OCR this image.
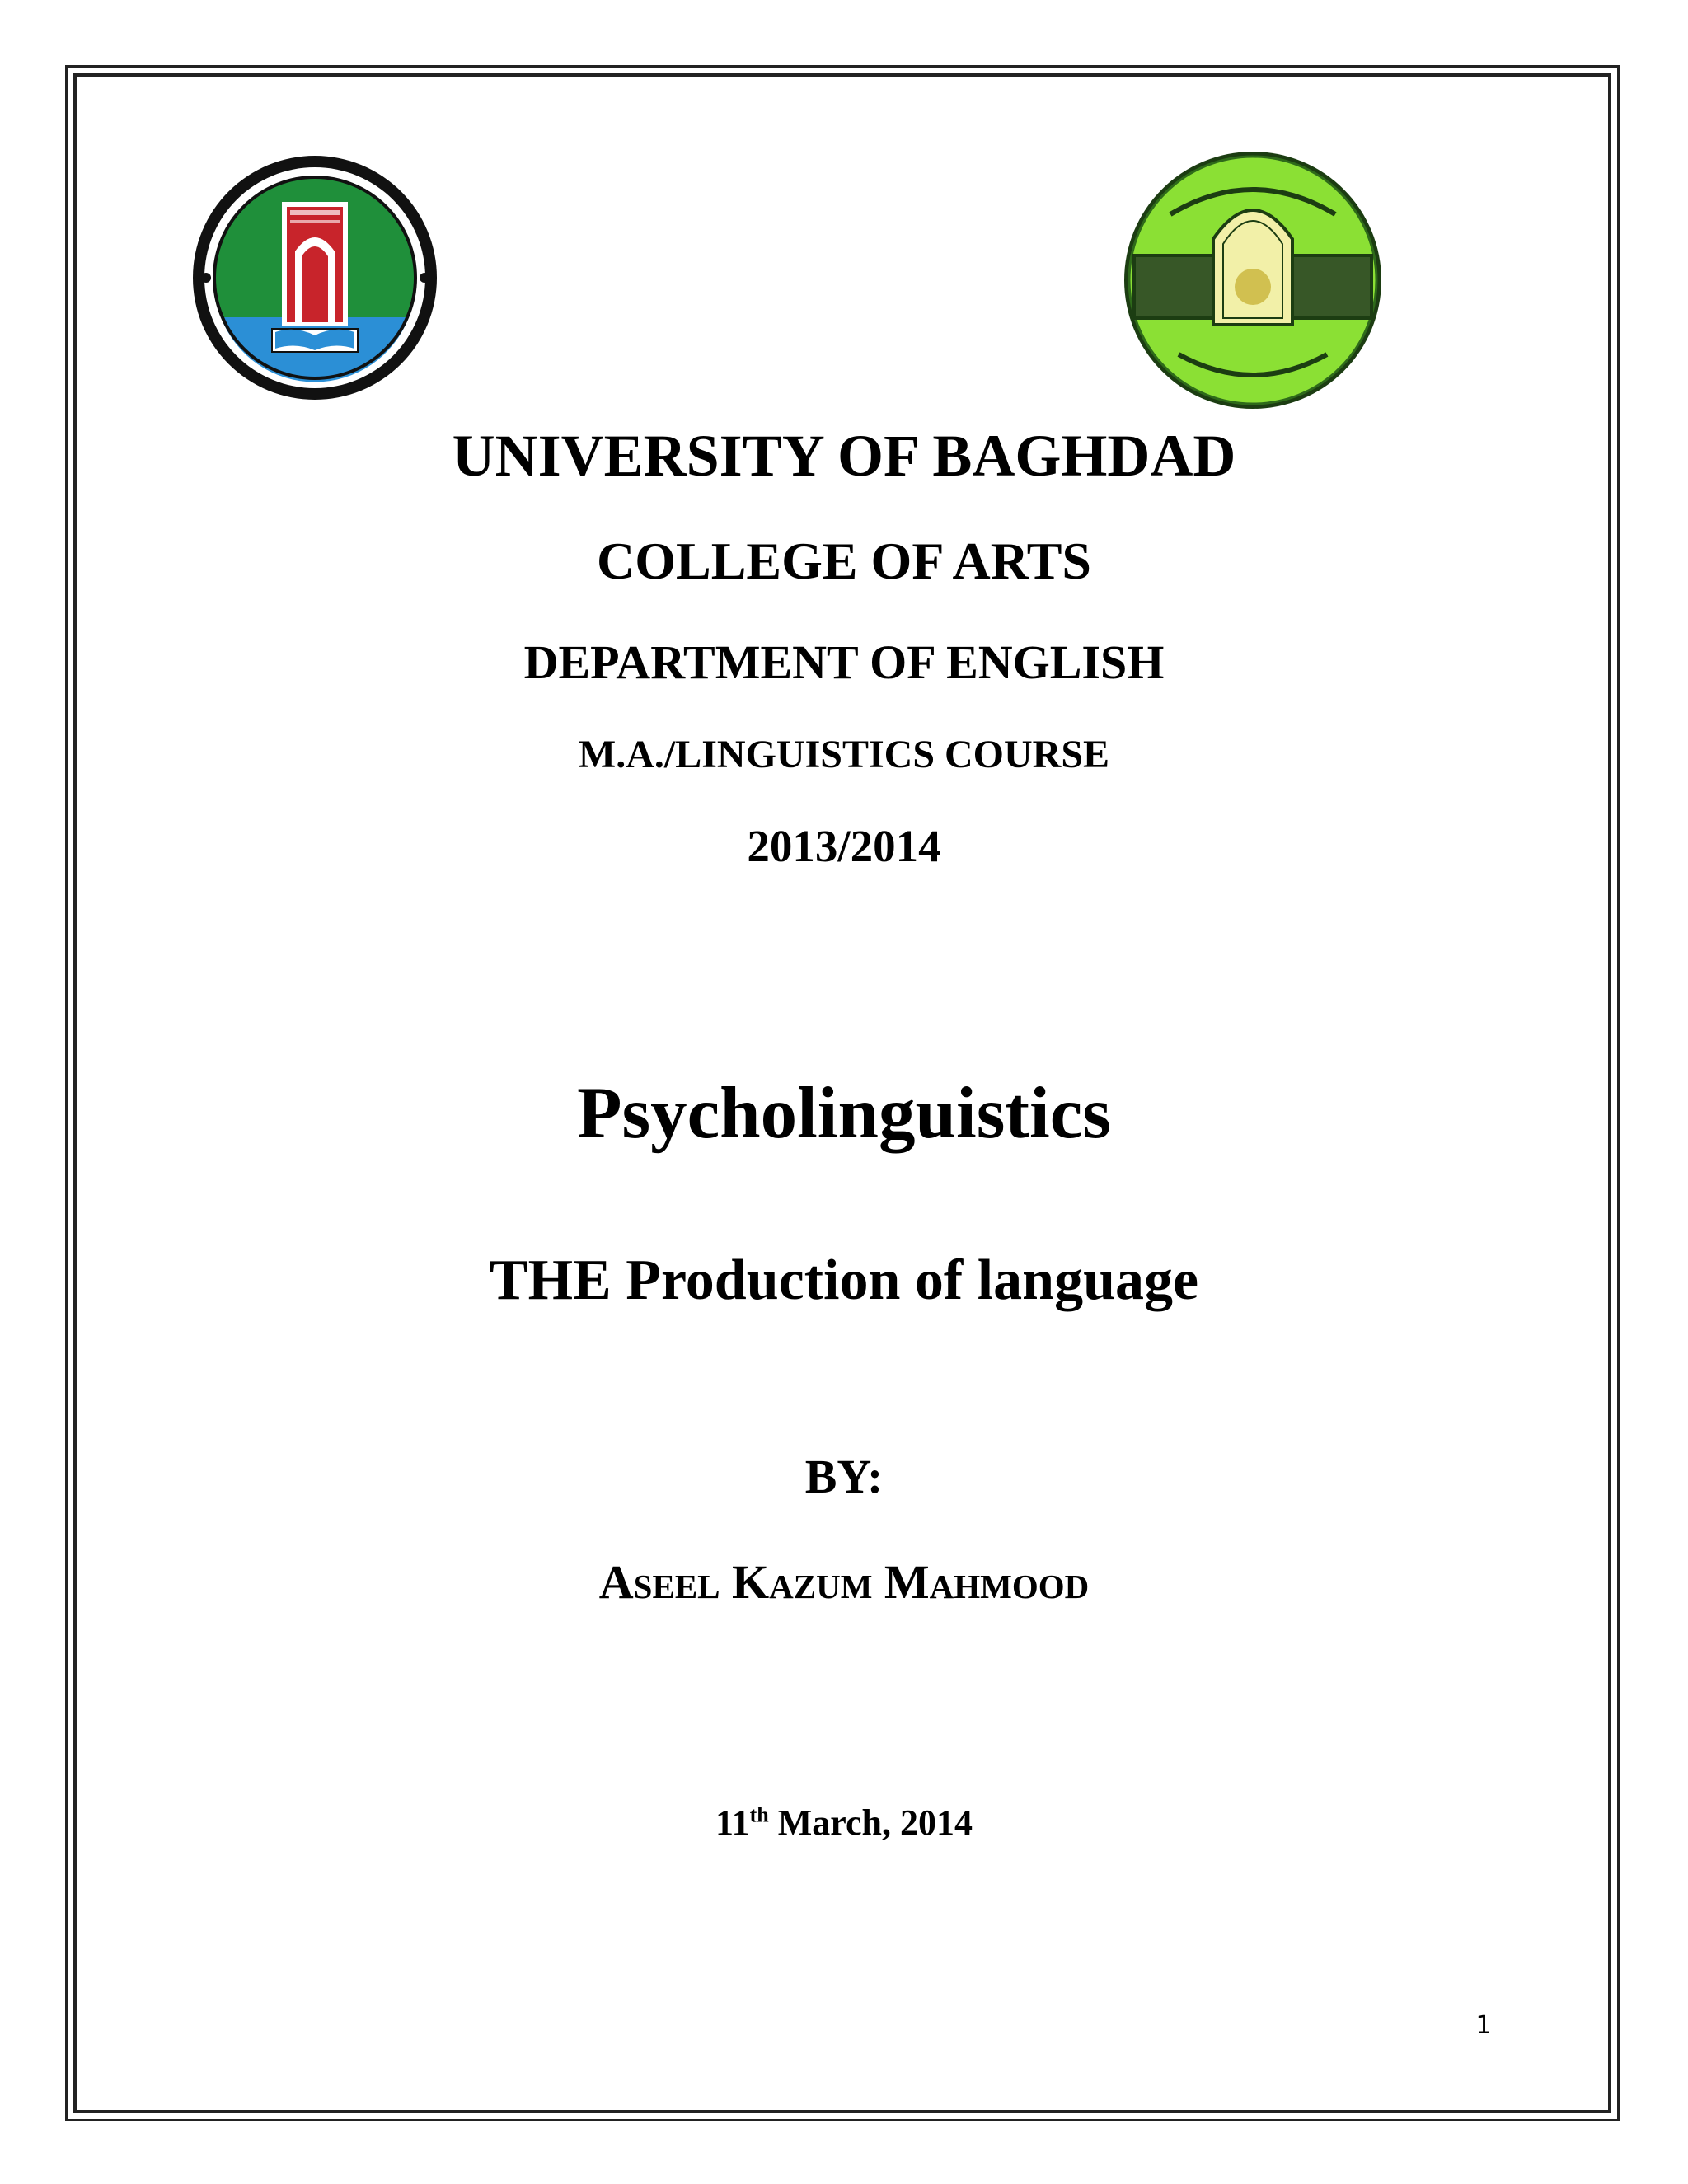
UNIVERSITY OF BAGHDAD
COLLEGE OF ARTS
DEPARTMENT OF ENGLISH
M.A./LINGUISTICS COURSE
2013/2014
Psycholinguistics
THE Production of language
BY:
Aseel Kazum Mahmood
11th March, 2014
1
